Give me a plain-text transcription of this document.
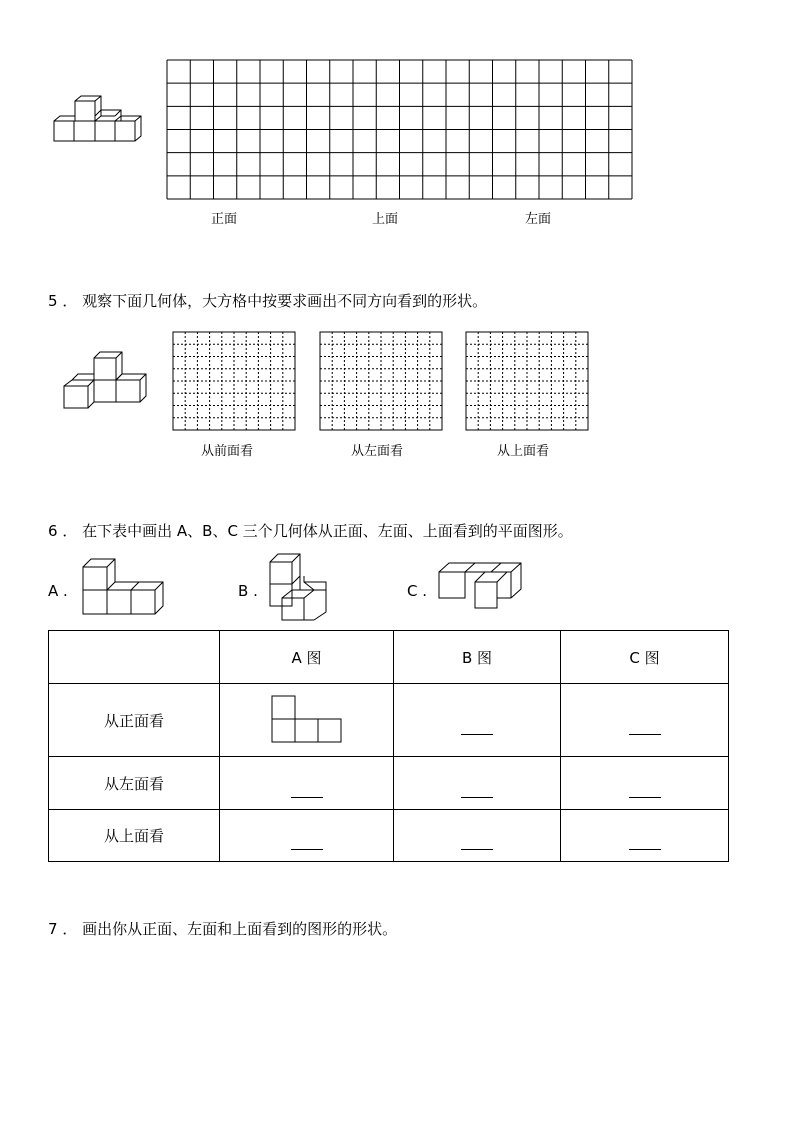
正面	上面	左面
5 ． 观察下面几何体，大方格中按要求画出不同方向看到的形状。
从前面看	从左面看	从上面看
6 ． 在下表中画出 A、B、C 三个几何体从正面、左面、上面看到的平面图形。
A .	B .	C .
	A 图	B 图	C 图
从正面看	

从左面看			
从上面看			
7 ． 画出你从正面、左面和上面看到的图形的形状。
